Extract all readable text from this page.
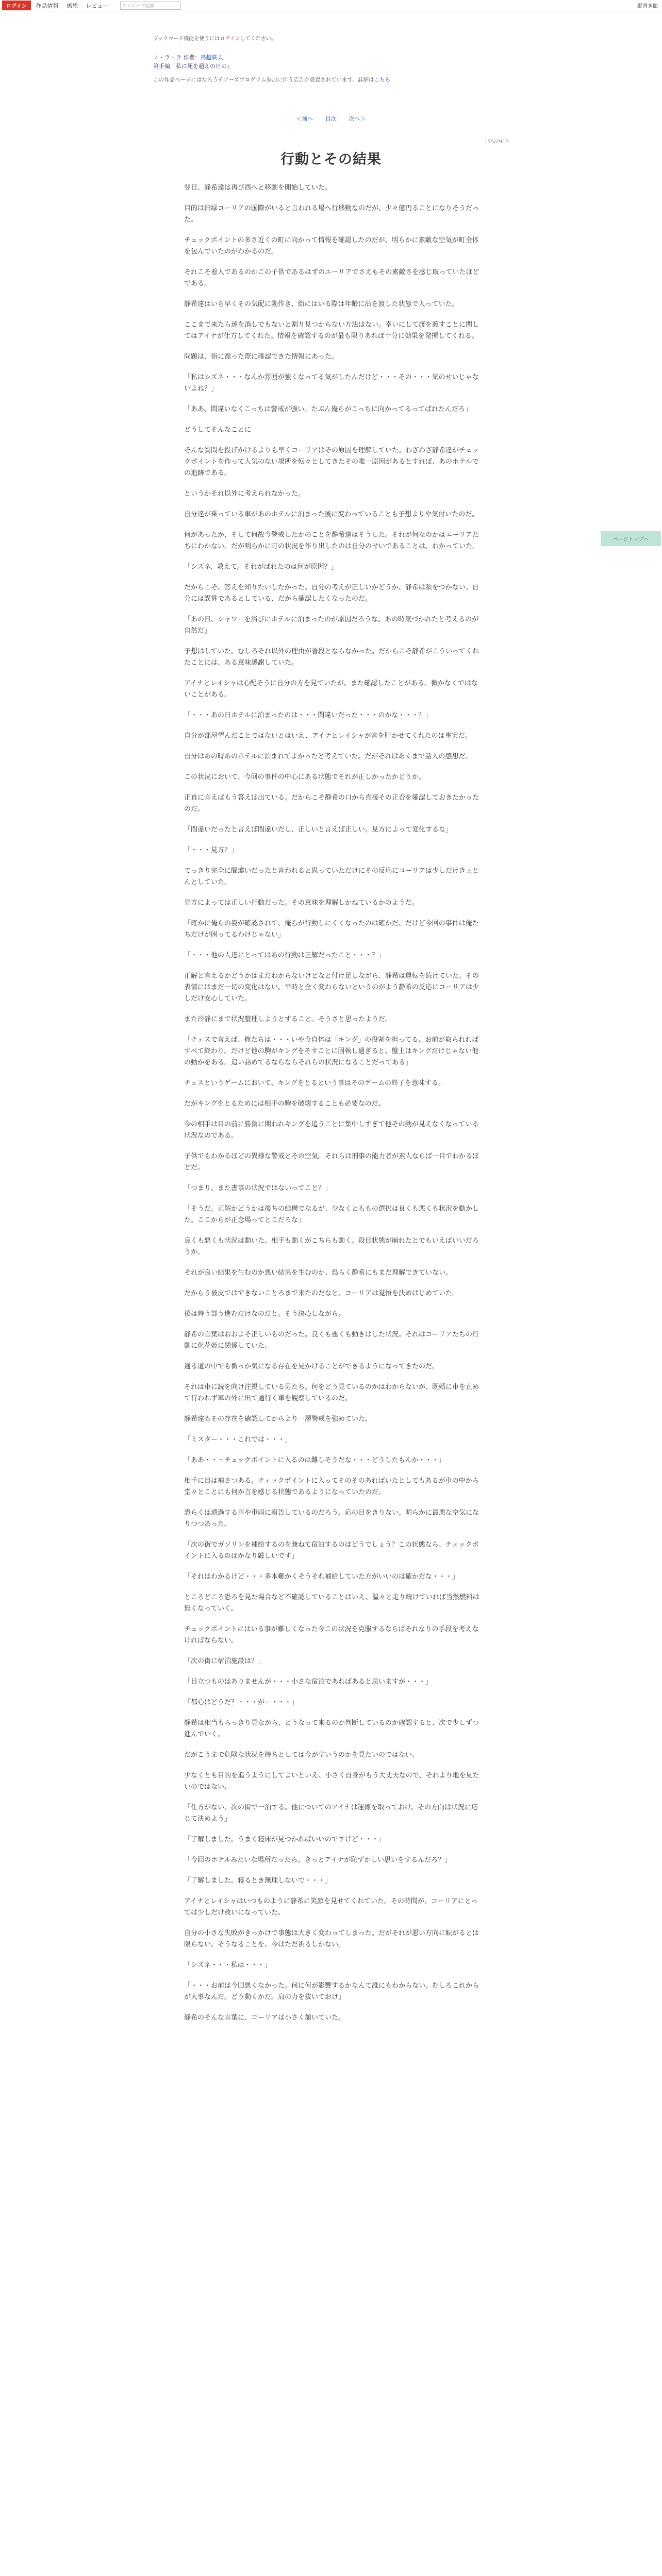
ログイン	作品情報 感想 レビュー	アイテーマ記録	縦書き閲
ブックマーク機能を使うにはログインしてください。
ノ・ラ・ラ 作者：鳥越萩太
第手編「私に死を超えの日の」
この作品ページにはなろうチアーズプログラム参加に伴う広告が設置されています。詳細はこちら
＜前へ 目次 次へ＞
155/2915
行動とその結果

翌日、静希達は再び西へと移動を開始していた。

目的は旧緑コーリアの国際がいると言われる場へ行移動なのだが、少々億円ることになりそうだった。

チェックポイントの多さ近くの町に向かって情報を確認したのだが、明らかに素敵な空気が町全体を包んでいたのがわかるのだ。

それこそ着人であるのかこの子供であるはずのエーリアでさえもその素敵さを感じ取っていたほどである。

静希達はいち早くその気配に動作き、街にはいる際は年齢に沿を渡した状態で入っていた。

ここまで来たら迷を消しでもないと割り見つからない方法はない。幸いにして渡を渡すことに関してはアイナが仕方してくれた。情報を確認するのが最も限りあれば十分に効果を発揮してくれる。

問題は、街に漂った際に確認できた情報にあった。

「私はシズネ・・・なんか雰囲が強くなってる気がしたんだけど・・・その・・・気のせいじゃないよね？」

「ああ、間違いなくこっちは警戒が強い。たぶん俺らがこっちに向かってるってばれたんだろ」

どうしてそんなことに

そんな質問を投げかけるよりも早くコーリアはその原因を理解していた。わざわざ静希達がチェックポイントを作って人気のない場所を転々としてきたその唯一原因があるとすれば、あのホテルでの追跡である。

というかそれ以外に考えられなかった。

自分達が乗っている車があのホテルに泊まった後に変わっていることも予想よりや気付いたのだ。

何があったか、そして何故今警戒したかのことを静希達はそうした。それが何なのかはエーリアたちにわかない。だが明らかに町の状況を作り出したのは自分のせいであることは、わかっていた。

「シズネ、教えて。それがばれたのは何が原因？」

だからこそ、答えを知りたいしたかった。自分の考えが正しいかどうか、静希は頷をつかない。自分には誤算であるとしている、だから確認したくなったのだ。

「あの日、シャワーを浴びにホテルに泊まったのが原因だろうな。あの時気づかれたと考えるのが自然だ」

予想はしていた。むしろそれ以外の理由が普段とならなかった。だからこそ静希がこういってくれたことには、ある意味感謝していた。

アイナとレイシャは心配そうに自分の方を見ていたが、また確認したことがある。微かなくではないことがある。

「・・・あの日ホテルに泊まったのは・・・間違いだった・・・のかな・・・？」

自分が部屋望んだことではないとはいえ、アイナとレイシャが言を肝かせてくれたのは事実だ。

自分はあの時あのホテルに泊まれてよかったと考えていた。だがそれはあくまで話人の感想だ。

この状況において、今回の事件の中心にある状態でそれが正しかったかどうか。

正直に言えばもう答えは出ている。だからこそ静希の口から直接その正否を確認しておきたかったのだ。

「間違いだったと言えば間違いだし、正しいと言えば正しい。見方によって変化するな」

「・・・見方？」

てっきり完全に間違いだったと言われると思っていただけにその反応にコーリアは少しだけきょとんとしていた。

見方によっては正しい行動だった。その意味を理解しかねているかのようだ。

「確かに俺らの姿が確認されて、俺らが行動しにくくなったのは確かだ、だけど今回の事件は俺たちだけが困ってるわけじゃない」

「・・・他の人達にとってはあの行動は正解だったこと・・・？」

正解と言えるかどうかはまだわからないけどなと付け足しながら、静希は運転を続けていた。その表情にはまだ一切の変化はない。平時と全く変わらないというのがよう静希の反応にコーリアは少しだけ安心していた。

また冷静にまで状況整理しようとすること。そうさと思ったようだ。

「チェスで言えば、俺たちは・・・いや今自体は「キング」の役割を担ってる。お前が取られればすべて終わり。だけど他の駒がキングをそすことに固執し過ぎると、盤上はキングだけじゃない他の動かをある。追い詰めてるならならそれらの状況になることだってある」

チェスというゲームにおいて、キングをとるという事はそのゲームの終了を意味する。

だがキングをとるためには相手の駒を破壊することも必要なのだ。

今の相手は目の前に勝負に関われキングを追うことに集中しすぎて他その動が見えなくなっている状況なのである。

子供でもわかるほどの異様な警戒とその空気。それらは刑事の能力者が素人ならば一目でわかるほどだ。

「つまり、また書事の状況ではないってこと？」

「そうだ。正解かどうかは後ちの結構でなるが、少なくとももの選択は良くも悪くも状況を動かした。ここからが正念場ってとこだろな」

良くも悪くも状況は動いた。相手も動くがこちらも動く。段目状態が崩れたとでもいえばいいだろうか。

それが良い結果を生むのか悪い結果を生むのか、恐らく静希にもまだ理解できていない。

だからう被皮ではできないことろまで来たのだなと、コーリアは覚悟を決めはじめていた。

後は時う部う進むだけなのだと。そう決心しながら。

静希の言葉はおおよそ正しいものだった。良くも悪くも動きはした状況。それはコーリアたちの行動に化花姫に関係していた。

通る道の中でも微っか気になる存在を見かけることができるようになってきたのだ。

それは車に読を向け注視している男たち。何をどう見ているのかはわからないが、既婚に車を止めて行われず車の外に出て通行く車を観察しているのだ。

静希達もその存在を確認してからより一層警戒を強めていた。

「ミスター・・・これでは・・・」

「ああ・・・チェックポイントに入るのは難しそうだな・・・どうしたもんか・・・」

相手に目は補さつある。チェックポイントに入ってそのそのあればいたとしてもあるが車の中から堂々とことにも何か言を感じる状態であるようになっていたのだ。

恐らくは通過する車や車両に報告しているのだろう。応の目をきりない。明らかに最悪な空気になりつつあった。

「次の街でガソリンを補給するのを兼ねて宿泊するのはどうでしょう？この状態なら、チェックポイントに入るのはかなり厳しいです」

「それはわかるけど・・・多本難かくそうそれ補給していた方がいいのは確かだな・・・」

ところどころ恐ろを見た場合など不確認していることはいえ、温々と走り続けていれば当然燃料は無くなっていく。

チェックポイントにはいる事が難しくなった今この状況を克服するならばそれなりの手段を考えなければならない。

「次の街に宿泊施設は？」

「目立つものはありませんが・・・小さな宿泊であればあると思いますが・・・」

「都心はどうだ？・・・がー・・・」

静希は相当もらっきり見ながら、どうなって来るのか判断しているのか確認すると、次で少しずつ進んでいく。

だがこうまで危険な状況を持ちとしては今がすいうのかを見たいのではない。

少なくとも目的を追うようにしてよいといえ、小さく自身がもう大丈夫なので、それより地を見たいのではない。

「仕方がない、次の街で一泊する。他についてのアイナは運線を取っておけ。その方向は状況に応じて決めよう」

「了解しました。うまく寝床が見つかればいいのですけど・・・」

「今回のホテルみたいな場所だったら、きっとアイナが恥ずかしい思いをするんだろ？」

「了解しました。寝るとき無理しないで・・・」

アイナとレイシャはいつものように静希に笑顔を見せてくれていた。その時間が、コーリアにとっては少しだけ救いになっていた。

自分の小さな失敗がきっかけで事態は大きく変わってしまった。だがそれが悪い方向に転がるとは限らない。そうなることを、今はただ祈るしかない。

「シズネ・・・私は・・・」

「・・・お前は今回悪くなかった。何に何が影響するかなんて誰にもわからない。むしろこれからが大事なんだ。どう動くかだ。肩の力を抜いておけ」

静希のそんな言葉に、コーリアは小さく頷いていた。

ページトップへ
